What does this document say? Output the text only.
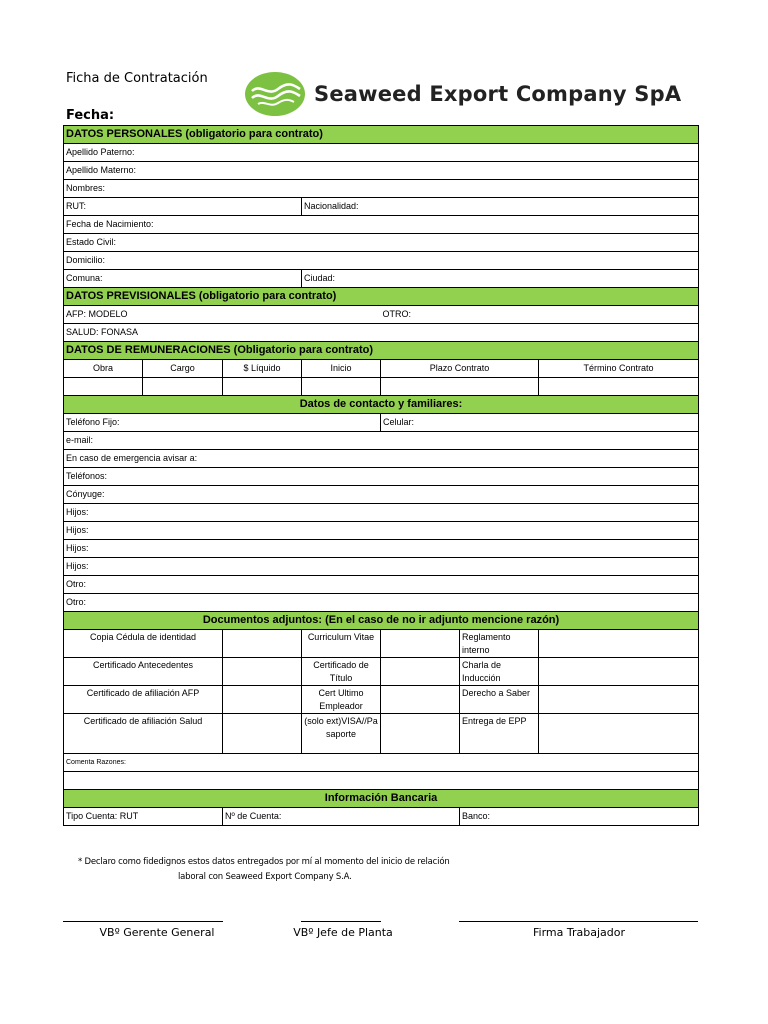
Ficha de Contratación
Fecha:
Seaweed Export Company SpA
DATOS PERSONALES (obligatorio para contrato)						
Apellido Paterno:						
Apellido Materno:						
Nombres:						
RUT:			Nacionalidad:			
Fecha de Nacimiento:						
Estado Civil:						
Domicilio:						
Comuna:			Ciudad:			
DATOS PREVISIONALES (obligatorio para contrato)						
AFP: MODELO				OTRO:		
SALUD: FONASA						
DATOS DE REMUNERACIONES (Obligatorio para contrato)						
Obra	Cargo	$ Líquido	Inicio	Plazo Contrato		Término Contrato

Datos de contacto y familiares:						
Teléfono Fijo:				Celular:		
e-mail:						
En caso de emergencia avisar a:						
Teléfonos:						
Cónyuge:						
Hijos:						
Hijos:						
Hijos:						
Hijos:						
Otro:						
Otro:						
Documentos adjuntos: (En el caso de no ir adjunto mencione razón)						
Copia Cédula de identidad			Curriculum Vitae		Reglamento interno	
Certificado Antecedentes			Certificado de Título		Charla de Inducción	
Certificado de afiliación AFP			Cert Ultimo Empleador		Derecho a Saber	
Certificado de afiliación Salud			(solo ext)VISA//Pasaporte		Entrega de EPP	
Comenta Razones:						

Información Bancaria						
Tipo Cuenta: RUT		Nº de Cuenta:			Banco:	
* Declaro como fidedignos estos datos entregados por mí al momento del inicio de relación
laboral con Seaweed Export Company S.A.
VBº Gerente General	VBº Jefe de Planta	Firma Trabajador
